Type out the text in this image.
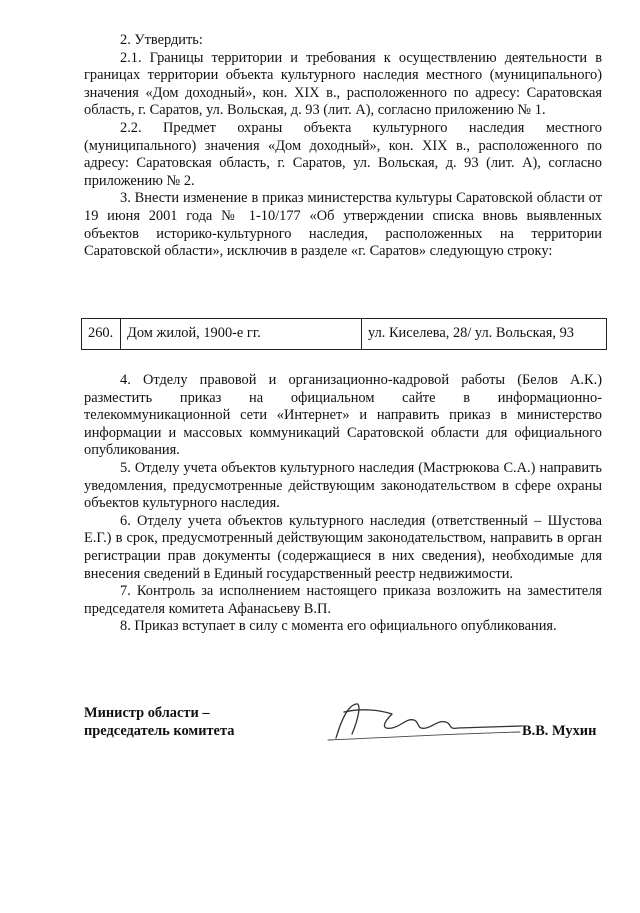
2. Утвердить:

2.1. Границы территории и требования к осуществлению деятельности в границах территории объекта культурного наследия местного (муниципального) значения «Дом доходный», кон. XIX в., расположенного по адресу: Саратовская область, г. Саратов, ул. Вольская, д. 93 (лит. А), согласно приложению № 1.

2.2. Предмет охраны объекта культурного наследия местного (муниципального) значения «Дом доходный», кон. XIX в., расположенного по адресу: Саратовская область, г. Саратов, ул. Вольская, д. 93 (лит. А), согласно приложению № 2.

3. Внести изменение в приказ министерства культуры Саратовской области от 19 июня 2001 года № 1-10/177 «Об утверждении списка вновь выявленных объектов историко-культурного наследия, расположенных на территории Саратовской области», исключив в разделе «г. Саратов» следующую строку:

260.	Дом жилой, 1900-е гг.	ул. Киселева, 28/ ул. Вольская, 93

4. Отделу правовой и организационно-кадровой работы (Белов А.К.) разместить приказ на официальном сайте в информационно-телекоммуникационной сети «Интернет» и направить приказ в министерство информации и массовых коммуникаций Саратовской области для официального опубликования.

5. Отделу учета объектов культурного наследия (Мастрюкова С.А.) направить уведомления, предусмотренные действующим законодательством в сфере охраны объектов культурного наследия.

6. Отделу учета объектов культурного наследия (ответственный – Шустова Е.Г.) в срок, предусмотренный действующим законодательством, направить в орган регистрации прав документы (содержащиеся в них сведения), необходимые для внесения сведений в Единый государственный реестр недвижимости.

7. Контроль за исполнением настоящего приказа возложить на заместителя председателя комитета Афанасьеву В.П.

8. Приказ вступает в силу с момента его официального опубликования.

Министр области –
председатель комитета	В.В. Мухин
